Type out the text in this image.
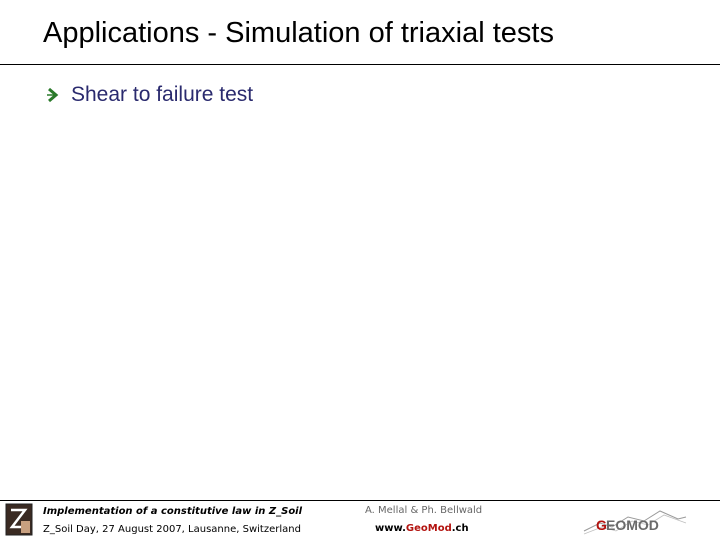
Applications - Simulation of triaxial tests
Shear to failure test
Implementation of a constitutive law in Z_Soil
Z_Soil Day, 27 August 2007, Lausanne, Switzerland
A. Mellal & Ph. Bellwald
www.GeoMod.ch	G EOMOD
